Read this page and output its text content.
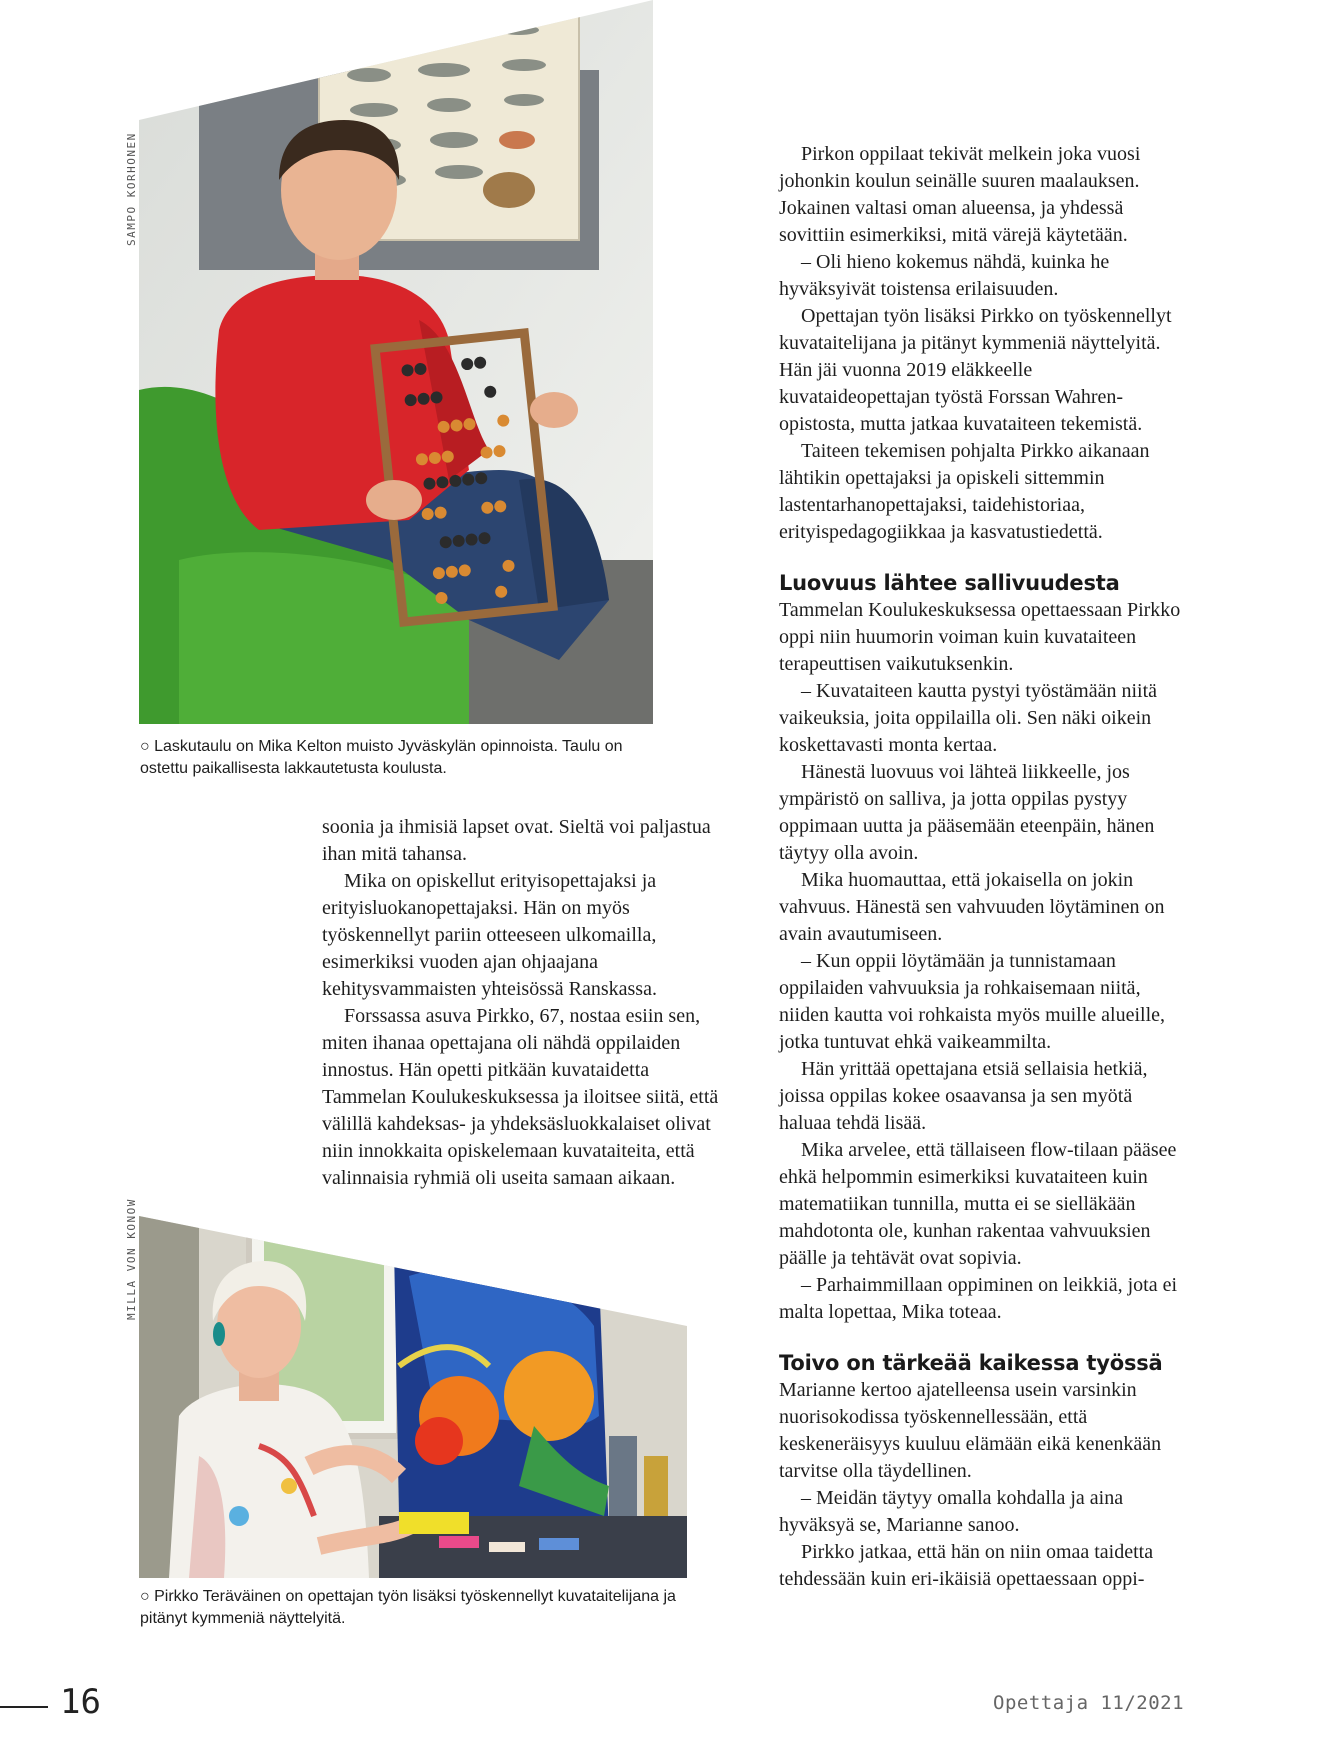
SAMPO KORHONEN
○ Laskutaulu on Mika Kelton muisto Jyväskylän opinnoista. Taulu on ostettu paikallisesta lakkautetusta koulusta.

soonia ja ihmisiä lapset ovat. Sieltä voi paljastua ihan mitä tahansa.

Mika on opiskellut erityisopettajaksi ja erityisluokanopettajaksi. Hän on myös työskennellyt pariin otteeseen ulkomailla, esimerkiksi vuoden ajan ohjaajana kehitysvammaisten yhteisössä Ranskassa.

Forssassa asuva Pirkko, 67, nostaa esiin sen, miten ihanaa opettajana oli nähdä oppilaiden innostus. Hän opetti pitkään kuvataidetta Tammelan Koulukeskuksessa ja iloitsee siitä, että välillä kahdeksas- ja yhdeksäsluokkalaiset olivat niin innokkaita opiskelemaan kuvataiteita, että valinnaisia ryhmiä oli useita samaan aikaan.

MILLA VON KONOW
○ Pirkko Teräväinen on opettajan työn lisäksi työskennellyt kuvataitelijana ja pitänyt kymmeniä näyttelyitä.

Pirkon oppilaat tekivät melkein joka vuosi johonkin koulun seinälle suuren maalauksen. Jokainen valtasi oman alueensa, ja yhdessä sovittiin esimerkiksi, mitä värejä käytetään.

– Oli hieno kokemus nähdä, kuinka he hyväksyivät toistensa erilaisuuden.

Opettajan työn lisäksi Pirkko on työskennellyt kuvataitelijana ja pitänyt kymmeniä näyttelyitä. Hän jäi vuonna 2019 eläkkeelle kuvataideopettajan työstä Forssan Wahren-opistosta, mutta jatkaa kuvataiteen tekemistä.

Taiteen tekemisen pohjalta Pirkko aikanaan lähtikin opettajaksi ja opiskeli sittemmin lastentarhanopettajaksi, taidehistoriaa, erityispedagogiikkaa ja kasvatustiedettä.

Luovuus lähtee sallivuudesta

Tammelan Koulukeskuksessa opettaessaan Pirkko oppi niin huumorin voiman kuin kuvataiteen terapeuttisen vaikutuksenkin.

– Kuvataiteen kautta pystyi työstämään niitä vaikeuksia, joita oppilailla oli. Sen näki oikein koskettavasti monta kertaa.

Hänestä luovuus voi lähteä liikkeelle, jos ympäristö on salliva, ja jotta oppilas pystyy oppimaan uutta ja pääsemään eteenpäin, hänen täytyy olla avoin.

Mika huomauttaa, että jokaisella on jokin vahvuus. Hänestä sen vahvuuden löytäminen on avain avautumiseen.

– Kun oppii löytämään ja tunnistamaan oppilaiden vahvuuksia ja rohkaisemaan niitä, niiden kautta voi rohkaista myös muille alueille, jotka tuntuvat ehkä vaikeammilta.

Hän yrittää opettajana etsiä sellaisia hetkiä, joissa oppilas kokee osaavansa ja sen myötä haluaa tehdä lisää.

Mika arvelee, että tällaiseen flow-tilaan pääsee ehkä helpommin esimerkiksi kuvataiteen kuin matematiikan tunnilla, mutta ei se sielläkään mahdotonta ole, kunhan rakentaa vahvuuksien päälle ja tehtävät ovat sopivia.

– Parhaimmillaan oppiminen on leikkiä, jota ei malta lopettaa, Mika toteaa.

Toivo on tärkeää kaikessa työssä

Marianne kertoo ajatelleensa usein varsinkin nuorisokodissa työskennellessään, että keskeneräisyys kuuluu elämään eikä kenenkään tarvitse olla täydellinen.

– Meidän täytyy omalla kohdalla ja aina hyväksyä se, Marianne sanoo.

Pirkko jatkaa, että hän on niin omaa taidetta tehdessään kuin eri-ikäisiä opettaessaan oppi-

16	Opettaja 11/2021
